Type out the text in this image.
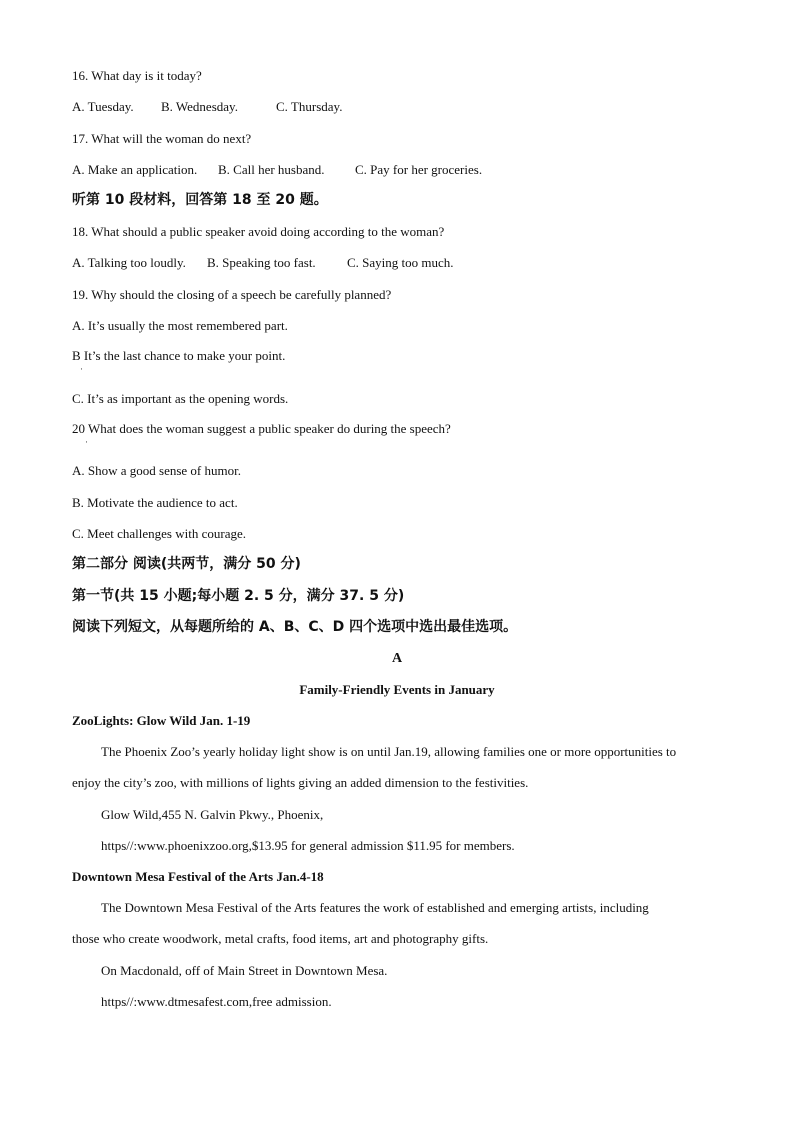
16. What day is it today?
A. Tuesday. B. Wednesday.	C. Thursday.
17. What will the woman do next?
A. Make an application. B. Call her husband. C. Pay for her groceries.
听第 10 段材料，回答第 18 至 20 题。
18. What should a public speaker avoid doing according to the woman?
A. Talking too loudly. B. Speaking too fast. C. Saying too much.
19. Why should the closing of a speech be carefully planned?
A. It’s usually the most remembered part.
B It’s the last chance to make your point.
·
C. It’s as important as the opening words.
20 What does the woman suggest a public speaker do during the speech?
·
A. Show a good sense of humor.
B. Motivate the audience to act.
C. Meet challenges with courage.
第二部分 阅读(共两节，满分 50 分)
第一节(共 15 小题;每小题 2. 5 分，满分 37. 5 分)
阅读下列短文，从每题所给的 A、B、C、D 四个选项中选出最佳选项。
A
Family-Friendly Events in January
ZooLights: Glow Wild Jan. 1-19
The Phoenix Zoo’s yearly holiday light show is on until Jan.19, allowing families one or more opportunities to
enjoy the city’s zoo, with millions of lights giving an added dimension to the festivities.
Glow Wild,455 N. Galvin Pkwy., Phoenix,
https//:www.phoenixzoo.org,$13.95 for general admission $11.95 for members.
Downtown Mesa Festival of the Arts Jan.4-18
The Downtown Mesa Festival of the Arts features the work of established and emerging artists, including
those who create woodwork, metal crafts, food items, art and photography gifts.
On Macdonald, off of Main Street in Downtown Mesa.
https//:www.dtmesafest.com,free admission.
